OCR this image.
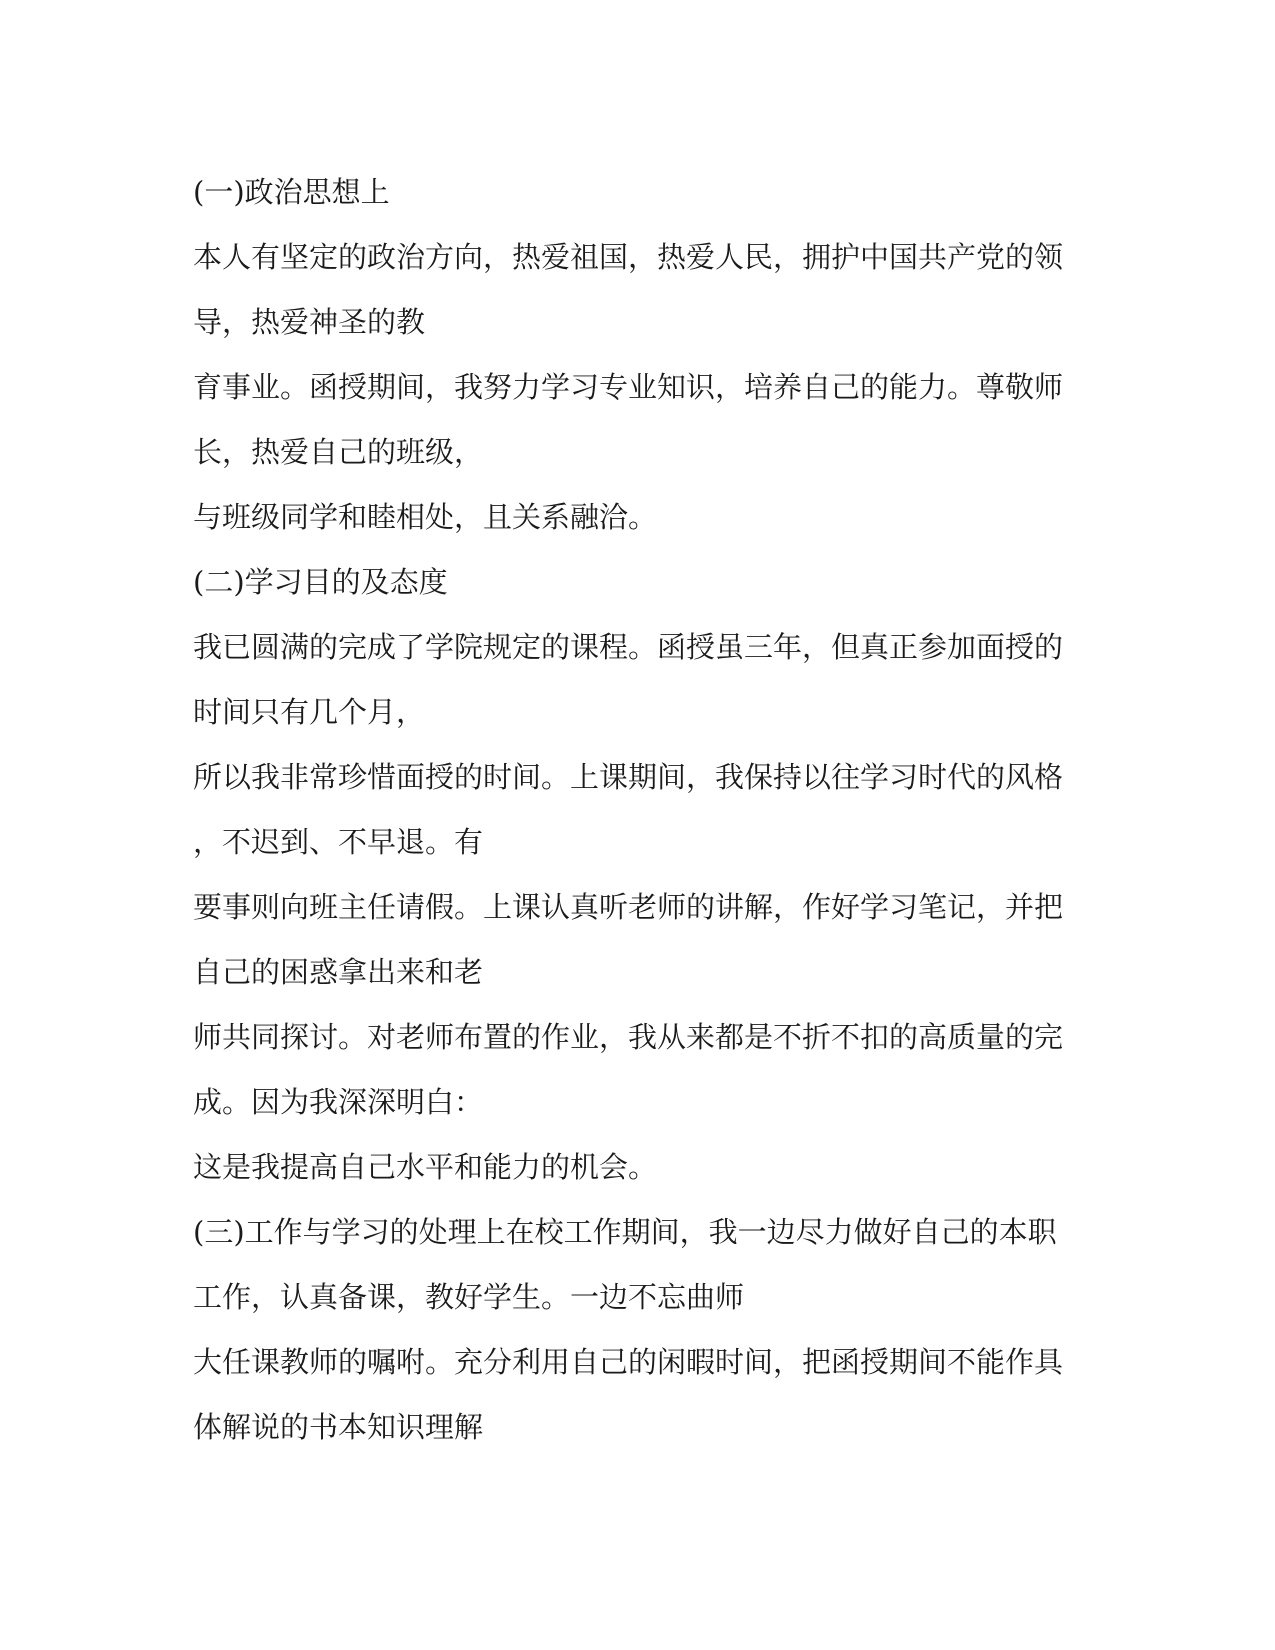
(一)政治思想上
本人有坚定的政治方向，热爱祖国，热爱人民，拥护中国共产党的领
导，热爱神圣的教
育事业。函授期间，我努力学习专业知识，培养自己的能力。尊敬师
长，热爱自己的班级，
与班级同学和睦相处，且关系融洽。
(二)学习目的及态度
我已圆满的完成了学院规定的课程。函授虽三年，但真正参加面授的
时间只有几个月，
所以我非常珍惜面授的时间。上课期间，我保持以往学习时代的风格
，不迟到、不早退。有
要事则向班主任请假。上课认真听老师的讲解，作好学习笔记，并把
自己的困惑拿出来和老
师共同探讨。对老师布置的作业，我从来都是不折不扣的高质量的完
成。因为我深深明白：
这是我提高自己水平和能力的机会。
(三)工作与学习的处理上在校工作期间，我一边尽力做好自己的本职
工作，认真备课，教好学生。一边不忘曲师
大任课教师的嘱咐。充分利用自己的闲暇时间，把函授期间不能作具
体解说的书本知识理解
